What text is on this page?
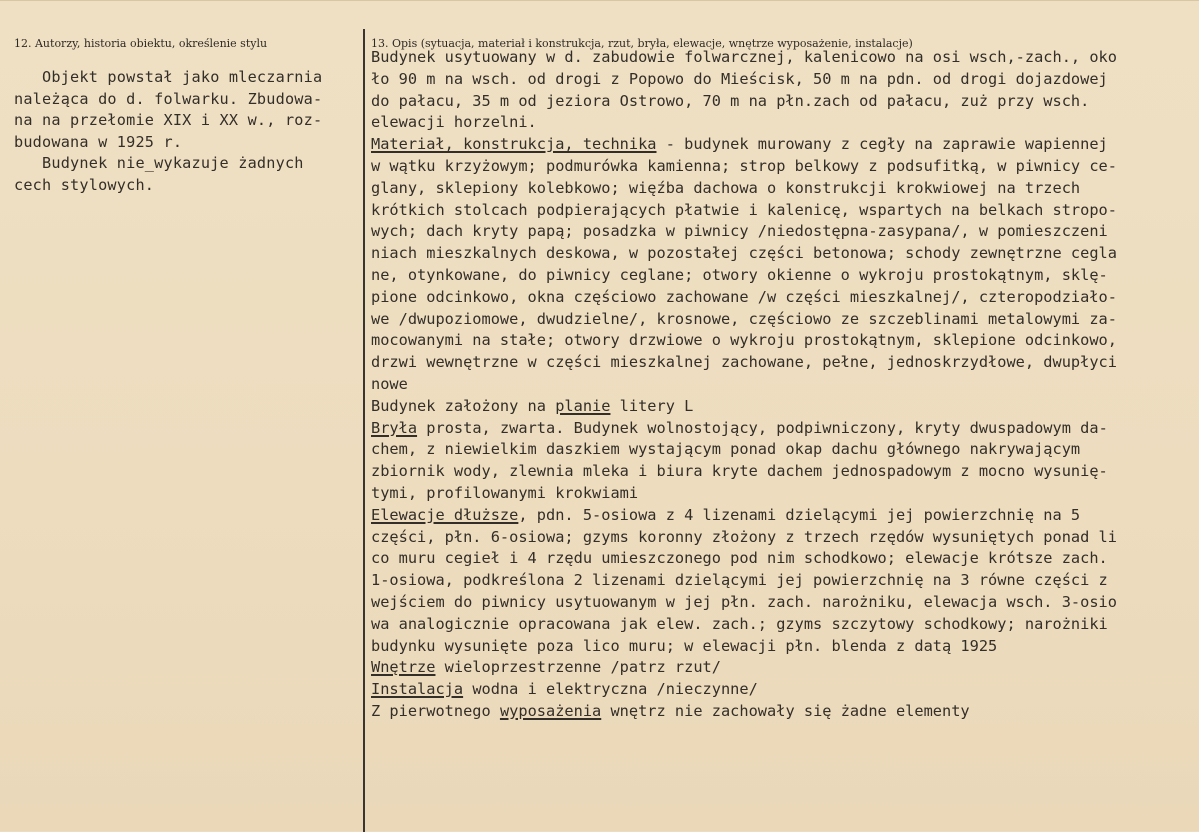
12. Autorzy, historia obiektu, określenie stylu	13. Opis (sytuacja, materiał i konstrukcja, rzut, bryła, elewacje, wnętrze wyposażenie, instalacje)
Objekt powstał jako mleczarnia
należąca do d. folwarku. Zbudowa-
na na przełomie XIX i XX w., roz-
budowana w 1925 r.
Budynek nie_wykazuje żadnych
cech stylowych.
Budynek usytuowany w d. zabudowie folwarcznej, kalenicowo na osi wsch,-zach., oko
ło 90 m na wsch. od drogi z Popowo do Mieścisk, 50 m na pdn. od drogi dojazdowej
do pałacu, 35 m od jeziora Ostrowo, 70 m na płn.zach od pałacu, zuż przy wsch.
elewacji horzelni.
Materiał, konstrukcja, technika - budynek murowany z cegły na zaprawie wapiennej
w wątku krzyżowym; podmurówka kamienna; strop belkowy z podsufitką, w piwnicy ce-
glany, sklepiony kolebkowo; więźba dachowa o konstrukcji krokwiowej na trzech
krótkich stolcach podpierających płatwie i kalenicę, wspartych na belkach stropo-
wych; dach kryty papą; posadzka w piwnicy /niedostępna-zasypana/, w pomieszczeni
niach mieszkalnych deskowa, w pozostałej części betonowa; schody zewnętrzne cegla
ne, otynkowane, do piwnicy ceglane; otwory okienne o wykroju prostokątnym, sklę-
pione odcinkowo, okna częściowo zachowane /w części mieszkalnej/, czteropodziało-
we /dwupoziomowe, dwudzielne/, krosnowe, częściowo ze szczeblinami metalowymi za-
mocowanymi na stałe; otwory drzwiowe o wykroju prostokątnym, sklepione odcinkowo,
drzwi wewnętrzne w części mieszkalnej zachowane, pełne, jednoskrzydłowe, dwupłyci
nowe
Budynek założony na planie litery L
Bryła prosta, zwarta. Budynek wolnostojący, podpiwniczony, kryty dwuspadowym da-
chem, z niewielkim daszkiem wystającym ponad okap dachu głównego nakrywającym
zbiornik wody, zlewnia mleka i biura kryte dachem jednospadowym z mocno wysunię-
tymi, profilowanymi krokwiami
Elewacje dłuższe, pdn. 5-osiowa z 4 lizenami dzielącymi jej powierzchnię na 5
części, płn. 6-osiowa; gzyms koronny złożony z trzech rzędów wysuniętych ponad li
co muru cegieł i 4 rzędu umieszczonego pod nim schodkowo; elewacje krótsze zach.
1-osiowa, podkreślona 2 lizenami dzielącymi jej powierzchnię na 3 równe części z
wejściem do piwnicy usytuowanym w jej płn. zach. narożniku, elewacja wsch. 3-osio
wa analogicznie opracowana jak elew. zach.; gzyms szczytowy schodkowy; narożniki
budynku wysunięte poza lico muru; w elewacji płn. blenda z datą 1925
Wnętrze wieloprzestrzenne /patrz rzut/
Instalacja wodna i elektryczna /nieczynne/
Z pierwotnego wyposażenia wnętrz nie zachowały się żadne elementy
